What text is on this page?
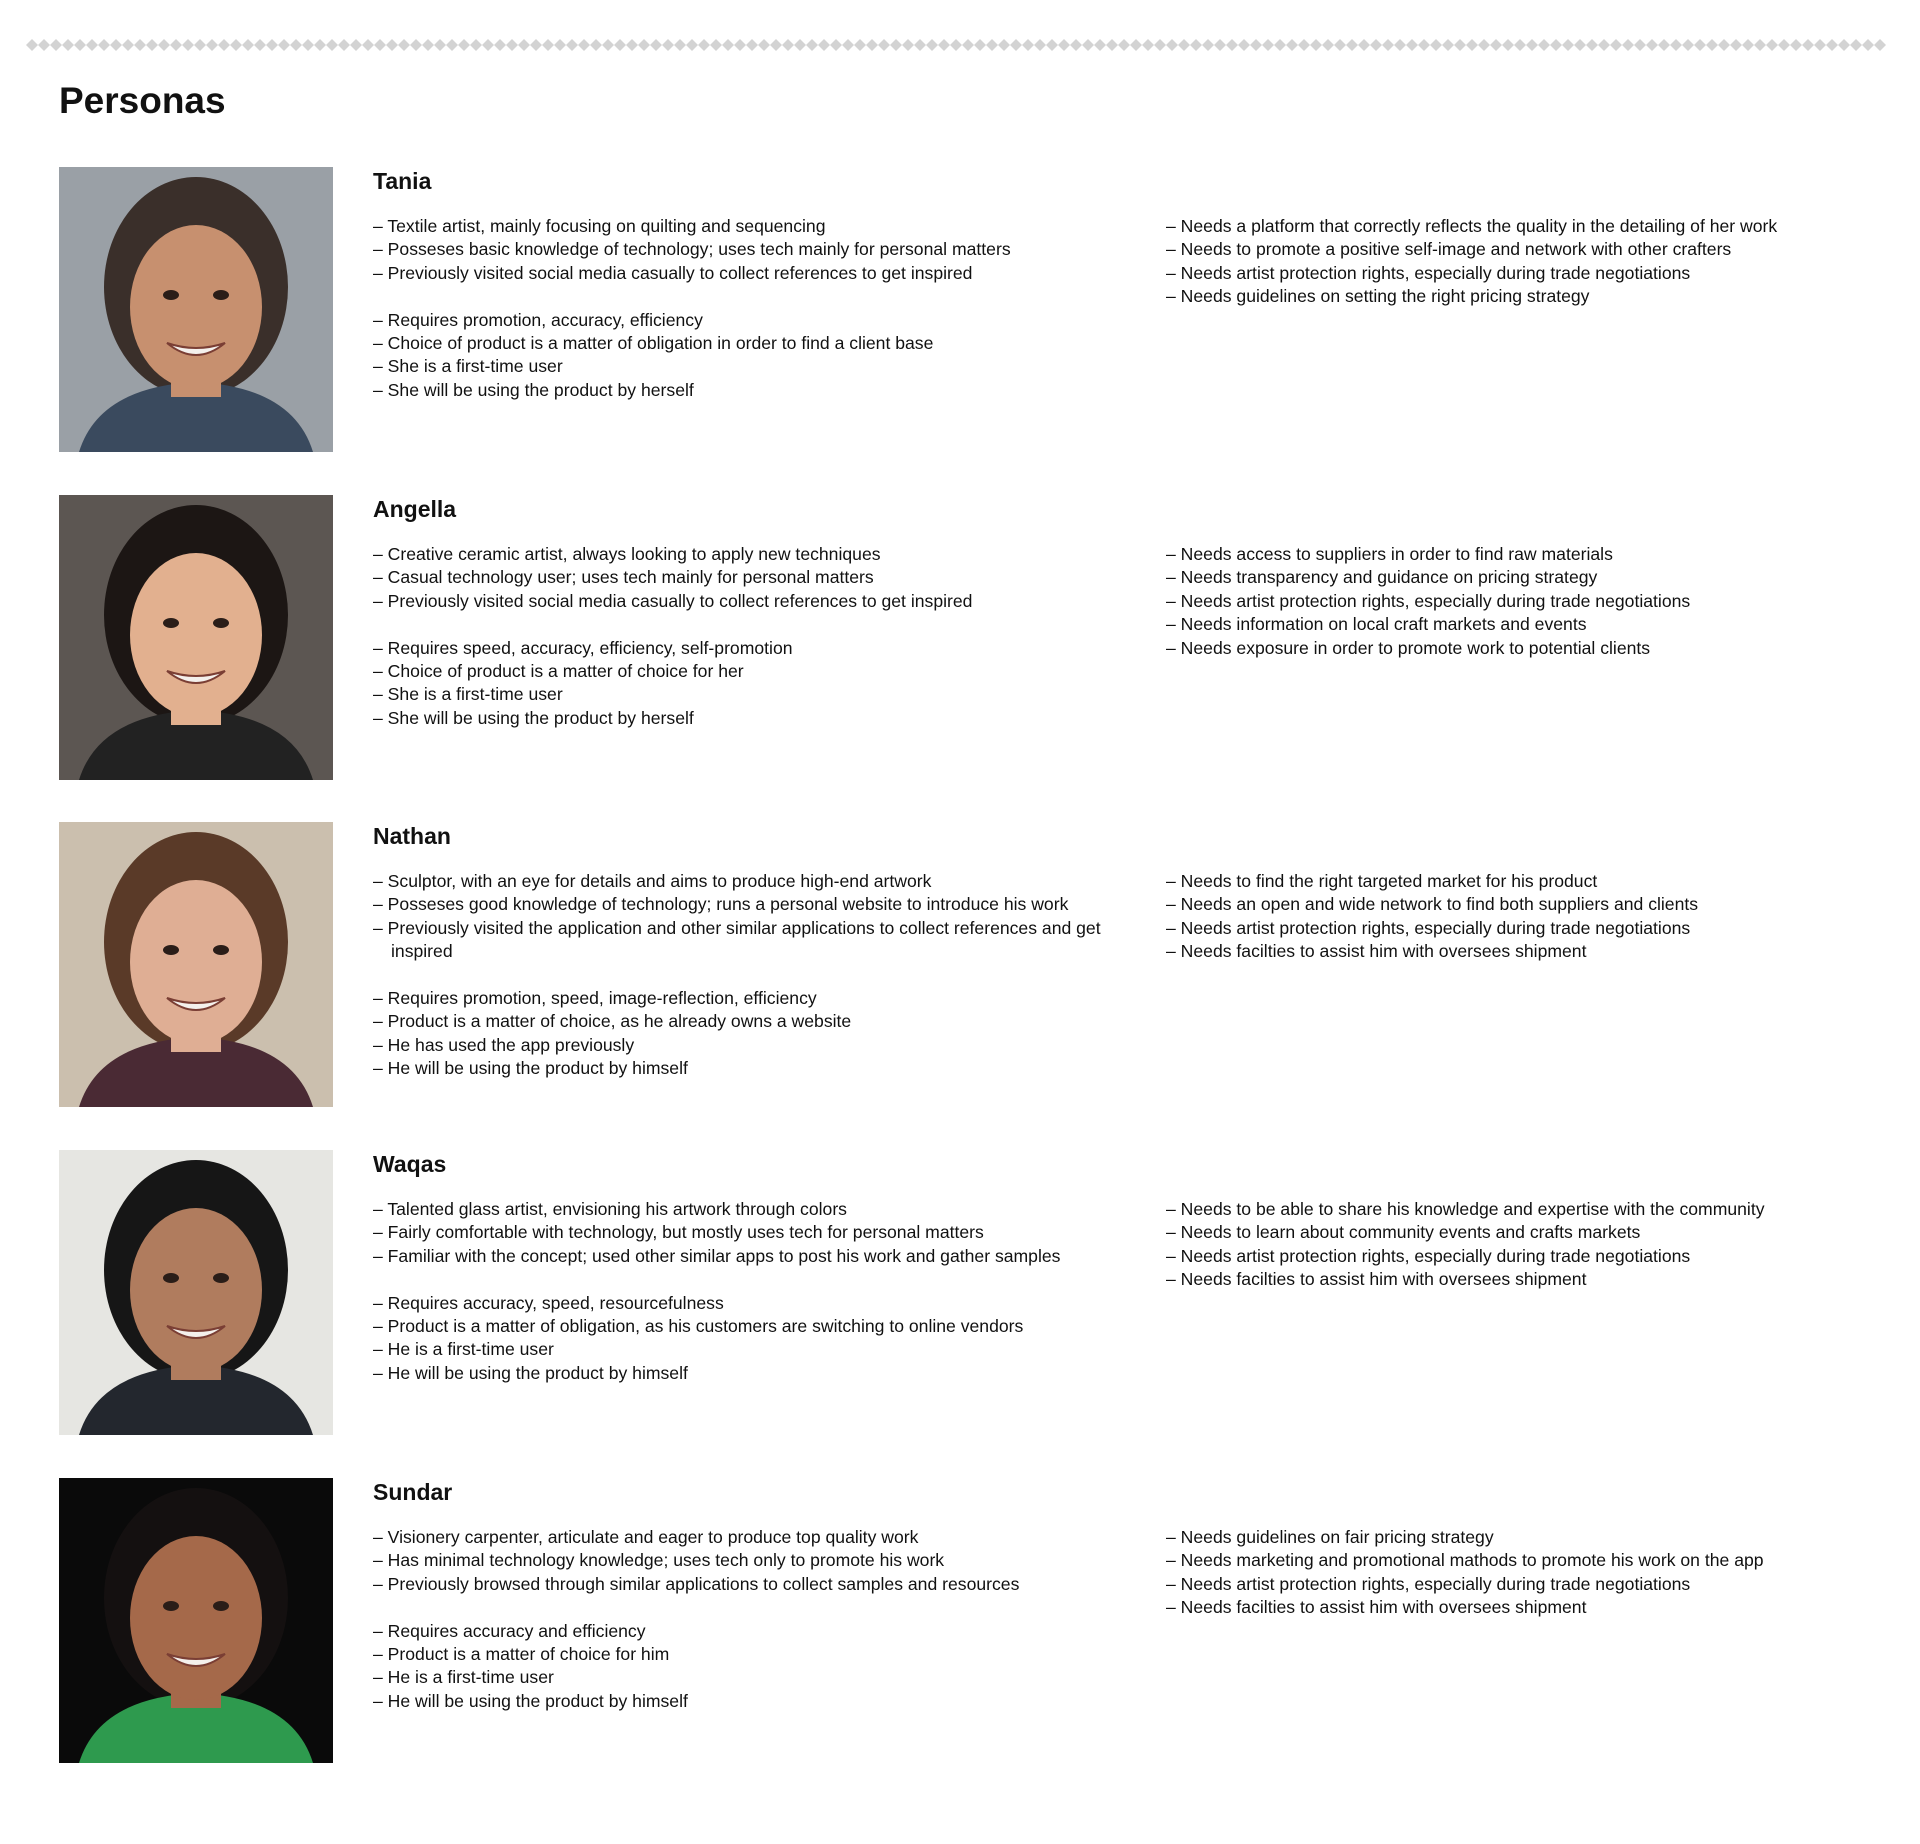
Personas
Tania
– Textile artist, mainly focusing on quilting and sequencing
– Posseses basic knowledge of technology; uses tech mainly for personal matters
– Previously visited social media casually to collect references to get inspired
– Requires promotion, accuracy, efficiency
– Choice of product is a matter of obligation in order to find a client base
– She is a first-time user
– She will be using the product by herself
– Needs a platform that correctly reflects the quality in the detailing of her work
– Needs to promote a positive self-image and network with other crafters
– Needs artist protection rights, especially during trade negotiations
– Needs guidelines on setting the right pricing strategy
Angella
– Creative ceramic artist, always looking to apply new techniques
– Casual technology user; uses tech mainly for personal matters
– Previously visited social media casually to collect references to get inspired
– Requires speed, accuracy, efficiency, self-promotion
– Choice of product is a matter of choice for her
– She is a first-time user
– She will be using the product by herself
– Needs access to suppliers in order to find raw materials
– Needs transparency and guidance on pricing strategy
– Needs artist protection rights, especially during trade negotiations
– Needs information on local craft markets and events
– Needs exposure in order to promote work to potential clients
Nathan
– Sculptor, with an eye for details and aims to produce high-end artwork
– Posseses good knowledge of technology; runs a personal website to introduce his work
– Previously visited the application and other similar applications to collect references and get inspired
– Requires promotion, speed, image-reflection, efficiency
– Product is a matter of choice, as he already owns a website
– He has used the app previously
– He will be using the product by himself
– Needs to find the right targeted market for his product
– Needs an open and wide network to find both suppliers and clients
– Needs artist protection rights, especially during trade negotiations
– Needs facilties to assist him with oversees shipment
Waqas
– Talented glass artist, envisioning his artwork through colors
– Fairly comfortable with technology, but mostly uses tech for personal matters
– Familiar with the concept; used other similar apps to post his work and gather samples
– Requires accuracy, speed, resourcefulness
– Product is a matter of obligation, as his customers are switching to online vendors
– He is a first-time user
– He will be using the product by himself
– Needs to be able to share his knowledge and expertise with the community
– Needs to learn about community events and crafts markets
– Needs artist protection rights, especially during trade negotiations
– Needs facilties to assist him with oversees shipment
Sundar
– Visionery carpenter, articulate and eager to produce top quality work
– Has minimal technology knowledge; uses tech only to promote his work
– Previously browsed through similar applications to collect samples and resources
– Requires accuracy and efficiency
– Product is a matter of choice for him
– He is a first-time user
– He will be using the product by himself
– Needs guidelines on fair pricing strategy
– Needs marketing and promotional mathods to promote his work on the app
– Needs artist protection rights, especially during trade negotiations
– Needs facilties to assist him with oversees shipment
